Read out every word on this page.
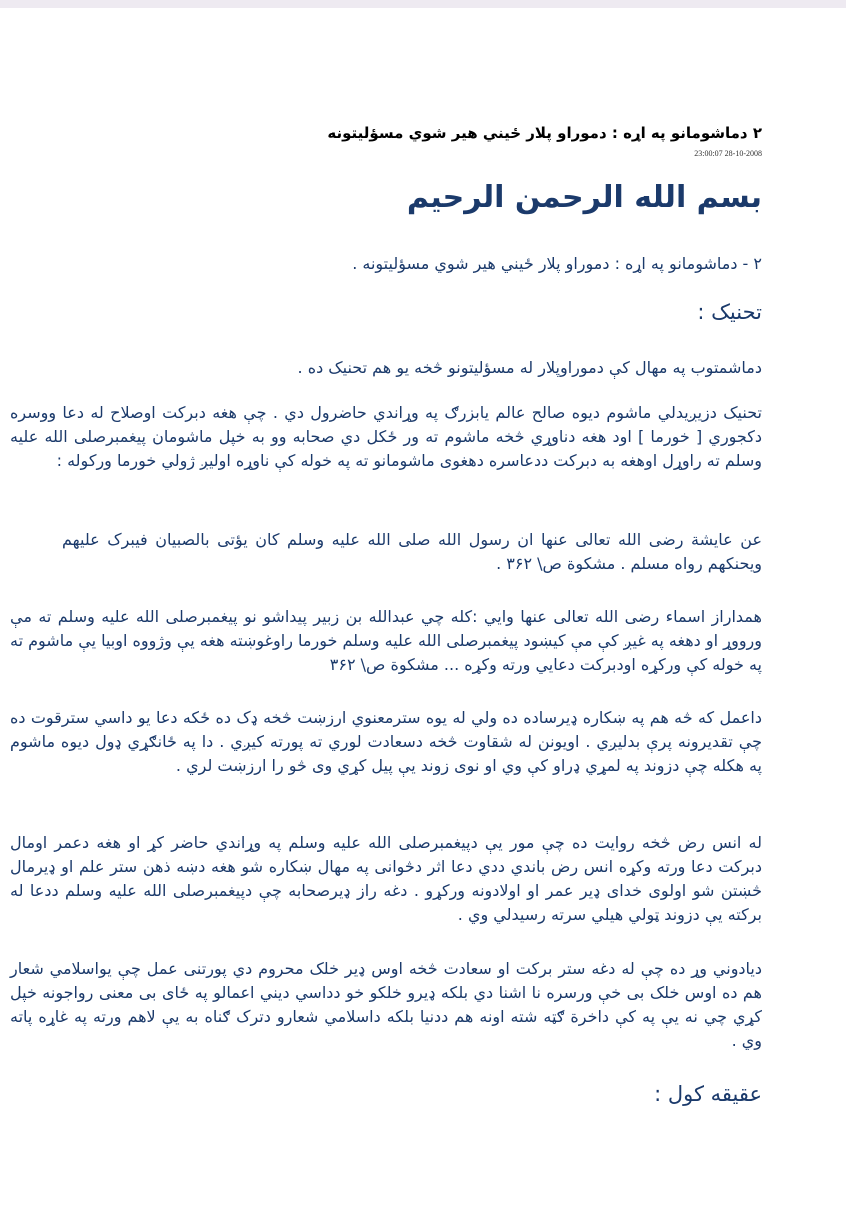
۲ دماشومانو په اړه : دموراو پلار ځيني هير شوي مسؤليتونه
23:00:07 28-10-2008
بسم الله الرحمن الرحيم
۲ - دماشومانو په اړه : دموراو پلار ځيني هير شوي مسؤليتونه .
تحنيک :
دماشمتوب په مهال کې دموراوپلار له مسؤليتونو څخه يو هم تحنيک ده .
تحنيک دزيږيدلي ماشوم ديوه صالح عالم يابزرګ په وړاندي حاضرول دي . چې هغه دبرکت اوصلاح له دعا ووسره دکجوري [ خورما ] اود هغه دناوړي څخه ماشوم ته ور ځکل دي صحابه وو به خپل ماشومان پيغمبرصلی الله عليه وسلم ته راوړل اوهغه به دبرکت ددعاسره دهغوی ماشومانو ته په خوله کې ناوړه اوليږ ژولي خورما ورکوله :
عن عايشة رضی الله تعالی عنها ان رسول الله صلی الله عليه وسلم کان يؤتی بالصبيان فيبرک عليهم ويحنکهم رواه مسلم . مشکوة ص\ ۳۶۲ .
همداراز اسماء رضی الله تعالی عنها وايي :کله چي عبدالله بن زبير پيداشو نو پيغمبرصلی الله عليه وسلم ته مې ورووړ او دهغه په غيږ کې مې کيښود پيغمبرصلی الله عليه وسلم خورما راوغوښته هغه يې وژووه اوبيا يې ماشوم ته په خوله کې ورکړه اودبرکت دعايي ورته وکړه ... مشکوة ص\ ۳۶۲
داعمل که څه هم په ښکاره ډيرساده ده ولي له يوه سترمعنوي ارزښت څخه ډک ده ځکه دعا يو داسي سترقوت ده چې تقديرونه پرې بدليږي . اويونن له شقاوت څخه دسعادت لوري ته پورته کيږي . دا په ځانګړي ډول ديوه ماشوم په هکله چې دزوند په لمړي ډراو کې وي او نوی زوند يې پيل کړي وی څو را ارزښت لري .
له انس رض څخه روايت ده چې مور يې دپيغمبرصلی الله عليه وسلم په وړاندي حاضر کړ او هغه دعمر اومال دبرکت دعا ورته وکړه انس رض باندي ددي دعا اثر دڅوانی په مهال ښکاره شو هغه دښه ذهن ستر علم او ډيرمال څښتن شو اولوی خدای ډير عمر او اولادونه ورکړو . دغه راز ډيرصحابه چې دپيغمبرصلی الله عليه وسلم ددعا له برکته يې دزوند ټولي هيلي سرته رسيدلي وي .
ديادوني وړ ده چې له دغه ستر برکت او سعادت څخه اوس ډير خلک محروم دي پورتنی عمل چې يواسلامي شعار هم ده اوس خلک بی خې ورسره نا اشنا دي بلکه ډيرو خلکو خو دداسي ديني اعمالو په ځای بی معنی رواجونه خپل کړي چي نه يې په کې داخرة ګټه شته اونه هم ددنيا بلکه داسلامي شعارو دترک ګناه به يې لاهم ورته په غاړه پاته وي .
عقيقه کول :
